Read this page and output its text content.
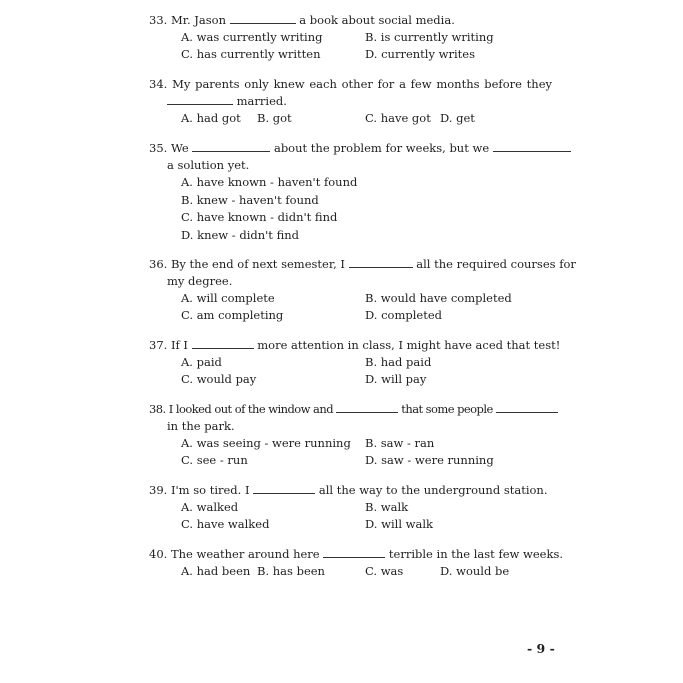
33. Mr. Jason	a book about social media.
A. was currently writing	B. is currently writing
C. has currently written	D. currently writes
34. My parents only knew each other for a few months before they
married.
A. had got B. got	C. have got D. get
35. We	about the problem for weeks, but we
a solution yet.
A. have known - haven't found
B. knew - haven't found
C. have known - didn't find
D. knew - didn't find
36. By the end of next semester, I	all the required courses for
my degree.
A. will complete	B. would have completed
C. am completing	D. completed
37. If I	more attention in class, I might have aced that test!
A. paid	B. had paid
C. would pay	D. will pay
38. I looked out of the window and	that some people
in the park.
A. was seeing - were running B. saw - ran
C. see - run	D. saw - were running
39. I'm so tired. I	all the way to the underground station.
A. walked	B. walk
C. have walked	D. will walk
40. The weather around here	terrible in the last few weeks.
A. had been B. has been	C. was	D. would be
- 9 -
